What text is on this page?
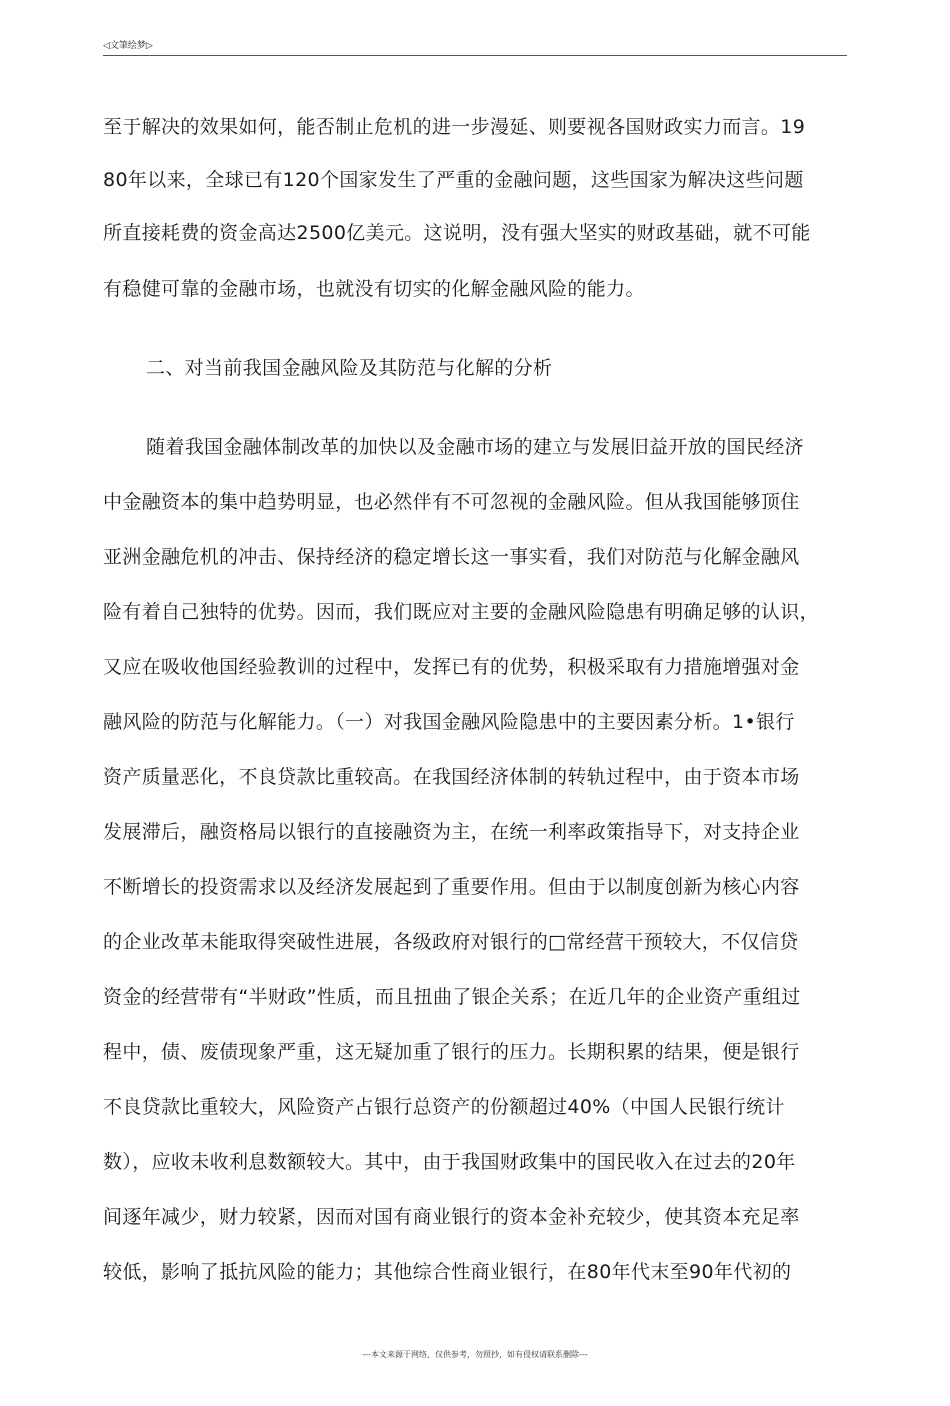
◁文筆绘梦▷
至于解决的效果如何，能否制止危机的进一步漫延、则要视各国财政实力而言。19
80年以来，全球已有120个国家发生了严重的金融问题，这些国家为解决这些问题
所直接耗费的资金高达2500亿美元。这说明，没有强大坚实的财政基础，就不可能
有稳健可靠的金融市场，也就没有切实的化解金融风险的能力。
二、对当前我国金融风险及其防范与化解的分析
随着我国金融体制改革的加快以及金融市场的建立与发展旧益开放的国民经济
中金融资本的集中趋势明显，也必然伴有不可忽视的金融风险。但从我国能够顶住
亚洲金融危机的冲击、保持经济的稳定增长这一事实看，我们对防范与化解金融风
险有着自己独特的优势。因而，我们既应对主要的金融风险隐患有明确足够的认识，
又应在吸收他国经验教训的过程中，发挥已有的优势，积极采取有力措施增强对金
融风险的防范与化解能力。（一）对我国金融风险隐患中的主要因素分析。1•银行
资产质量恶化，不良贷款比重较高。在我国经济体制的转轨过程中，由于资本市场
发展滞后，融资格局以银行的直接融资为主，在统一利率政策指导下，对支持企业
不断增长的投资需求以及经济发展起到了重要作用。但由于以制度创新为核心内容
的企业改革未能取得突破性进展，各级政府对银行的□常经营干预较大，不仅信贷
资金的经营带有“半财政”性质，而且扭曲了银企关系；在近几年的企业资产重组过
程中，债、废债现象严重，这无疑加重了银行的压力。长期积累的结果，便是银行
不良贷款比重较大，风险资产占银行总资产的份额超过40%（中国人民银行统计
数），应收未收利息数额较大。其中，由于我国财政集中的国民收入在过去的20年
间逐年减少，财力较紧，因而对国有商业银行的资本金补充较少，使其资本充足率
较低，影响了抵抗风险的能力；其他综合性商业银行，在80年代末至90年代初的
---本文来源于网络，仅供参考，勿照抄，如有侵权请联系删除---
